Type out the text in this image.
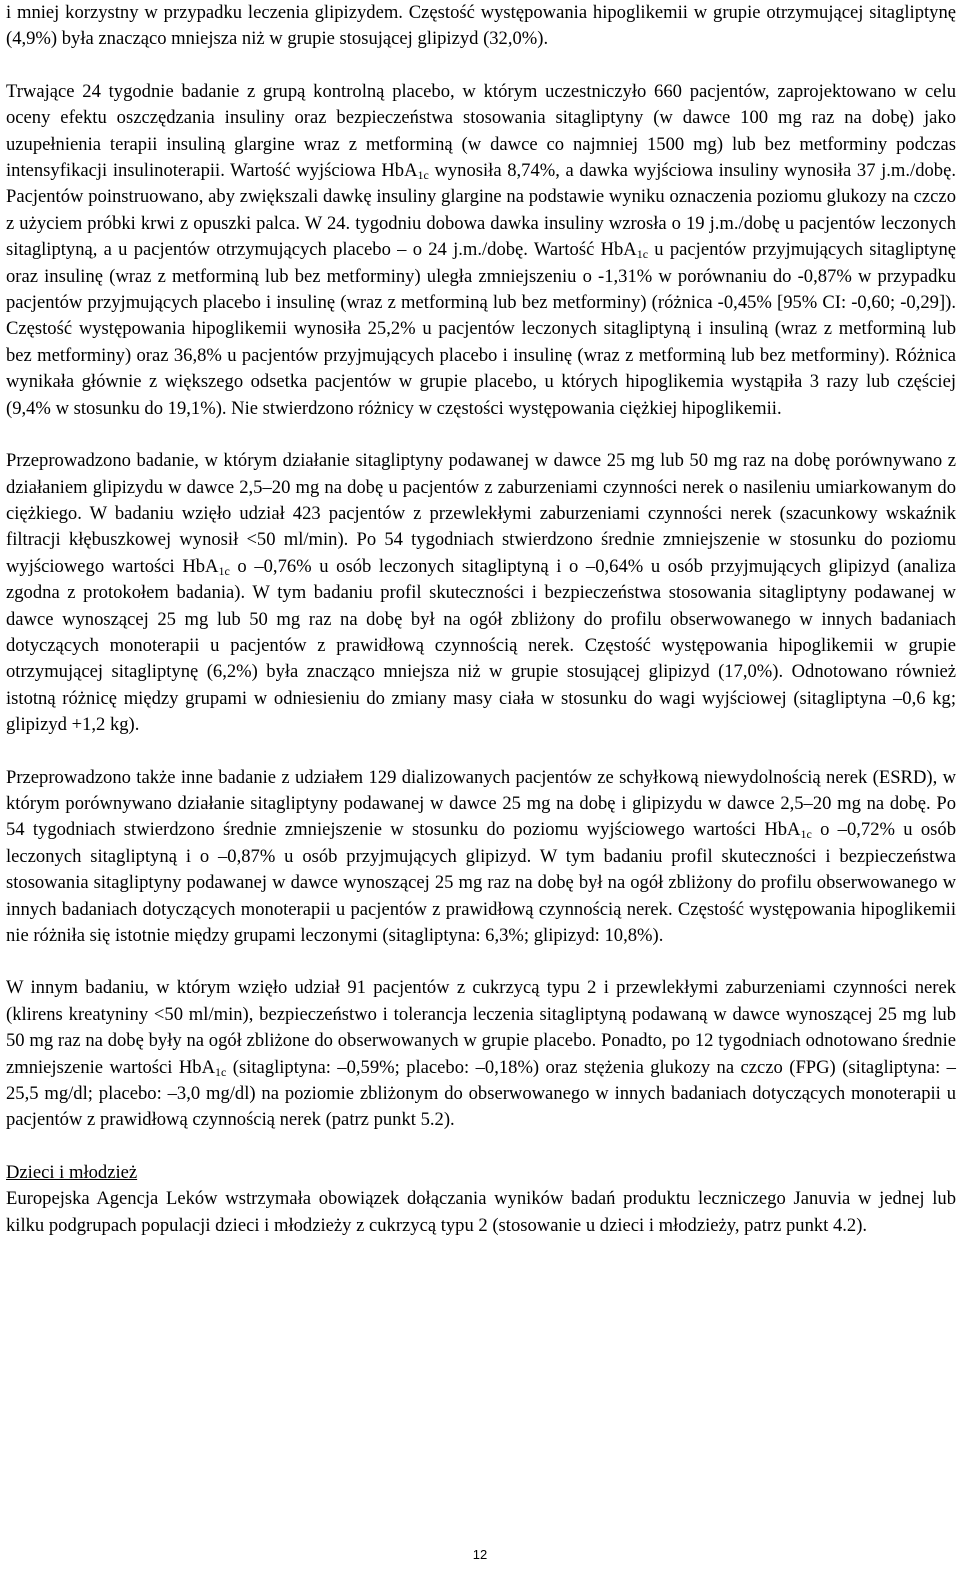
i mniej korzystny w przypadku leczenia glipizydem. Częstość występowania hipoglikemii w grupie otrzymującej sitagliptynę (4,9%) była znacząco mniejsza niż w grupie stosującej glipizyd (32,0%).

Trwające 24 tygodnie badanie z grupą kontrolną placebo, w którym uczestniczyło 660 pacjentów, zaprojektowano w celu oceny efektu oszczędzania insuliny oraz bezpieczeństwa stosowania sitagliptyny (w dawce 100 mg raz na dobę) jako uzupełnienia terapii insuliną glargine wraz z metforminą (w dawce co najmniej 1500 mg) lub bez metforminy podczas intensyfikacji insulinoterapii. Wartość wyjściowa HbA$_{1c}$ wynosiła 8,74%, a dawka wyjściowa insuliny wynosiła 37 j.m./dobę. Pacjentów poinstruowano, aby zwiększali dawkę insuliny glargine na podstawie wyniku oznaczenia poziomu glukozy na czczo z użyciem próbki krwi z opuszki palca. W 24. tygodniu dobowa dawka insuliny wzrosła o 19 j.m./dobę u pacjentów leczonych sitagliptyną, a u pacjentów otrzymujących placebo – o 24 j.m./dobę. Wartość HbA$_{1c}$ u pacjentów przyjmujących sitagliptynę oraz insulinę (wraz z metforminą lub bez metforminy) uległa zmniejszeniu o -1,31% w porównaniu do -0,87% w przypadku pacjentów przyjmujących placebo i insulinę (wraz z metforminą lub bez metforminy) (różnica -0,45% [95% CI: -0,60; -0,29]). Częstość występowania hipoglikemii wynosiła 25,2% u pacjentów leczonych sitagliptyną i insuliną (wraz z metforminą lub bez metforminy) oraz 36,8% u pacjentów przyjmujących placebo i insulinę (wraz z metforminą lub bez metforminy). Różnica wynikała głównie z większego odsetka pacjentów w grupie placebo, u których hipoglikemia wystąpiła 3 razy lub częściej (9,4% w stosunku do 19,1%). Nie stwierdzono różnicy w częstości występowania ciężkiej hipoglikemii.

Przeprowadzono badanie, w którym działanie sitagliptyny podawanej w dawce 25 mg lub 50 mg raz na dobę porównywano z działaniem glipizydu w dawce 2,5–20 mg na dobę u pacjentów z zaburzeniami czynności nerek o nasileniu umiarkowanym do ciężkiego. W badaniu wzięło udział 423 pacjentów z przewlekłymi zaburzeniami czynności nerek (szacunkowy wskaźnik filtracji kłębuszkowej wynosił <50 ml/min). Po 54 tygodniach stwierdzono średnie zmniejszenie w stosunku do poziomu wyjściowego wartości HbA$_{1c}$ o –0,76% u osób leczonych sitagliptyną i o –0,64% u osób przyjmujących glipizyd (analiza zgodna z protokołem badania). W tym badaniu profil skuteczności i bezpieczeństwa stosowania sitagliptyny podawanej w dawce wynoszącej 25 mg lub 50 mg raz na dobę był na ogół zbliżony do profilu obserwowanego w innych badaniach dotyczących monoterapii u pacjentów z prawidłową czynnością nerek. Częstość występowania hipoglikemii w grupie otrzymującej sitagliptynę (6,2%) była znacząco mniejsza niż w grupie stosującej glipizyd (17,0%). Odnotowano również istotną różnicę między grupami w odniesieniu do zmiany masy ciała w stosunku do wagi wyjściowej (sitagliptyna –0,6 kg; glipizyd +1,2 kg).

Przeprowadzono także inne badanie z udziałem 129 dializowanych pacjentów ze schyłkową niewydolnością nerek (ESRD), w którym porównywano działanie sitagliptyny podawanej w dawce 25 mg na dobę i glipizydu w dawce 2,5–20 mg na dobę. Po 54 tygodniach stwierdzono średnie zmniejszenie w stosunku do poziomu wyjściowego wartości HbA$_{1c}$ o –0,72% u osób leczonych sitagliptyną i o –0,87% u osób przyjmujących glipizyd. W tym badaniu profil skuteczności i bezpieczeństwa stosowania sitagliptyny podawanej w dawce wynoszącej 25 mg raz na dobę był na ogół zbliżony do profilu obserwowanego w innych badaniach dotyczących monoterapii u pacjentów z prawidłową czynnością nerek. Częstość występowania hipoglikemii nie różniła się istotnie między grupami leczonymi (sitagliptyna: 6,3%; glipizyd: 10,8%).

W innym badaniu, w którym wzięło udział 91 pacjentów z cukrzycą typu 2 i przewlekłymi zaburzeniami czynności nerek (klirens kreatyniny <50 ml/min), bezpieczeństwo i tolerancja leczenia sitagliptyną podawaną w dawce wynoszącej 25 mg lub 50 mg raz na dobę były na ogół zbliżone do obserwowanych w grupie placebo. Ponadto, po 12 tygodniach odnotowano średnie zmniejszenie wartości HbA$_{1c}$ (sitagliptyna: –0,59%; placebo: –0,18%) oraz stężenia glukozy na czczo (FPG) (sitagliptyna: –25,5 mg/dl; placebo: –3,0 mg/dl) na poziomie zbliżonym do obserwowanego w innych badaniach dotyczących monoterapii u pacjentów z prawidłową czynnością nerek (patrz punkt 5.2).

Dzieci i młodzież

Europejska Agencja Leków wstrzymała obowiązek dołączania wyników badań produktu leczniczego Januvia w jednej lub kilku podgrupach populacji dzieci i młodzieży z cukrzycą typu 2 (stosowanie u dzieci i młodzieży, patrz punkt 4.2).

12
